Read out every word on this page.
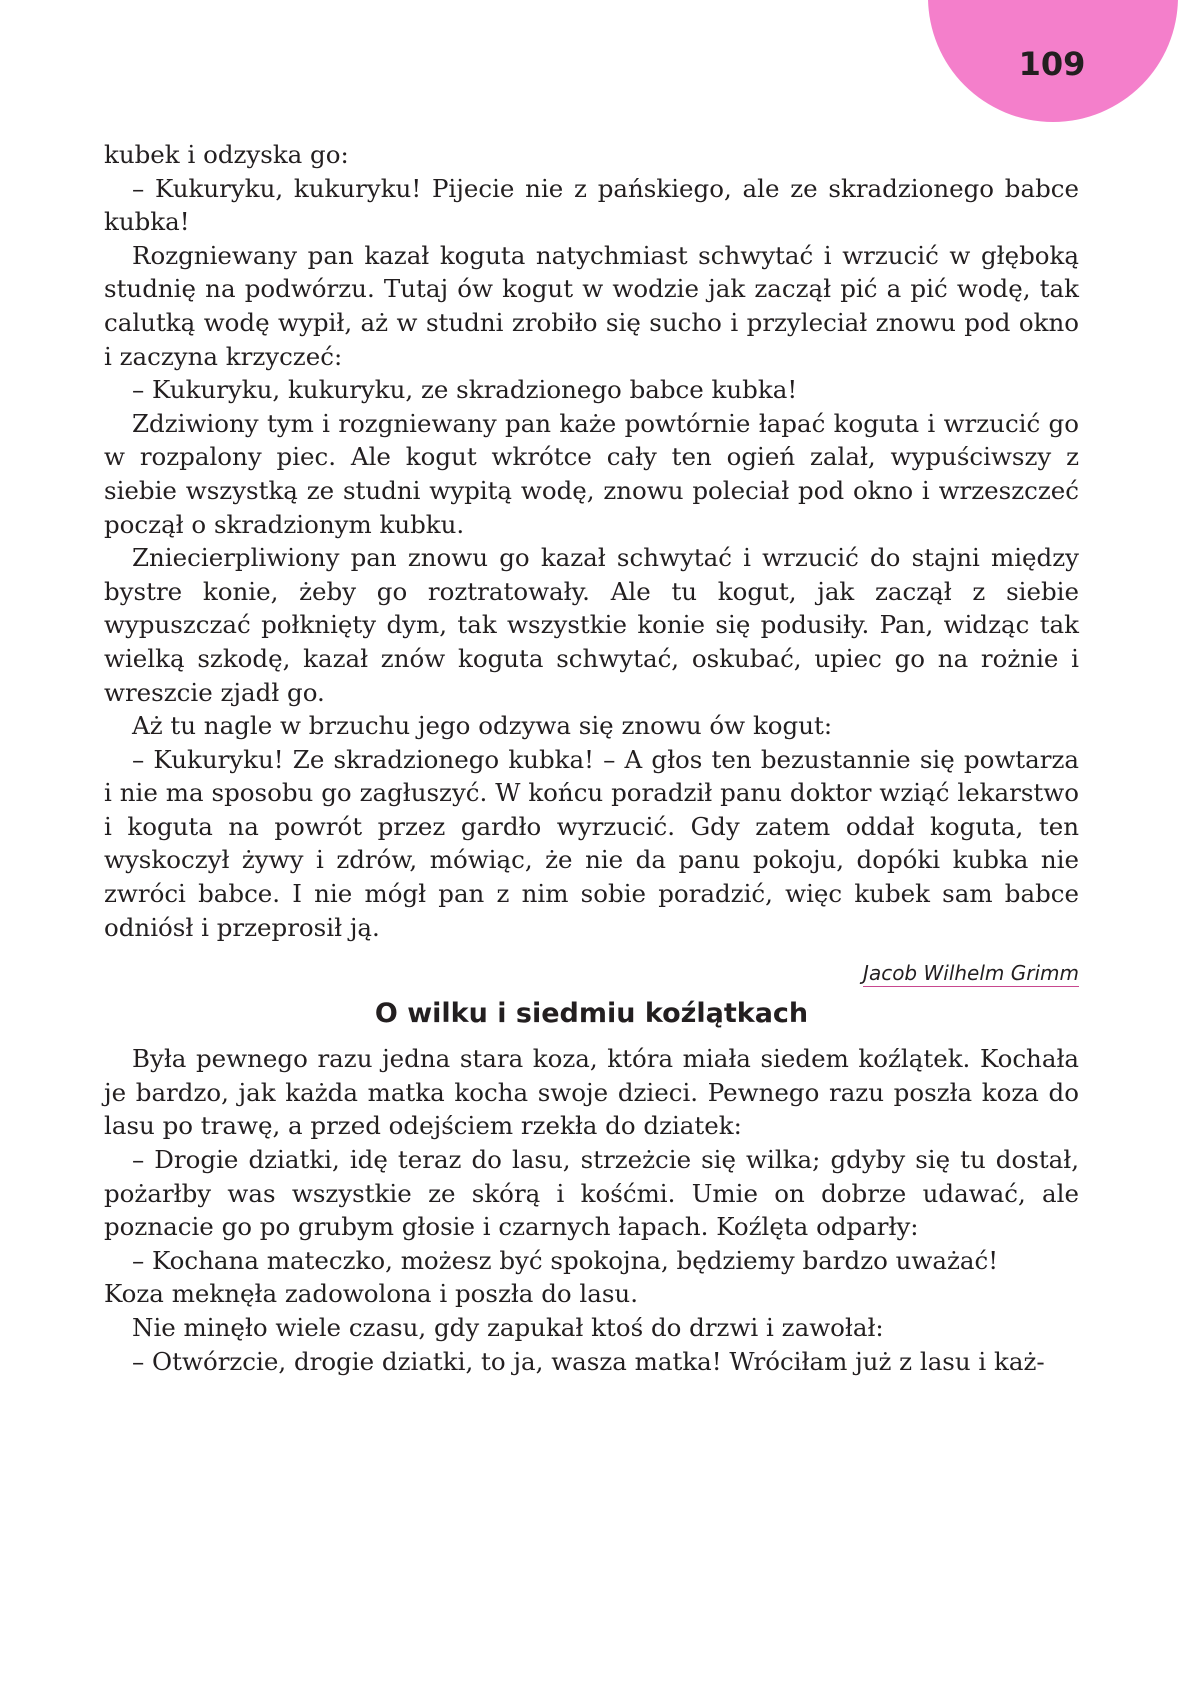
109

kubek i odzyska go:

– Kukuryku, kukuryku! Pijecie nie z pańskiego, ale ze skradzionego babce kubka!

Rozgniewany pan kazał koguta natychmiast schwytać i wrzucić w głęboką studnię na podwórzu. Tutaj ów kogut w wodzie jak zaczął pić a pić wodę, tak calutką wodę wypił, aż w studni zrobiło się sucho i przyleciał znowu pod okno i zaczyna krzyczeć:

– Kukuryku, kukuryku, ze skradzionego babce kubka!

Zdziwiony tym i rozgniewany pan każe powtórnie łapać koguta i wrzucić go w rozpalony piec. Ale kogut wkrótce cały ten ogień zalał, wypuściwszy z siebie wszystką ze studni wypitą wodę, znowu poleciał pod okno i wrzeszczeć począł o skradzionym kubku.

Zniecierpliwiony pan znowu go kazał schwytać i wrzucić do stajni między bystre konie, żeby go roztratowały. Ale tu kogut, jak zaczął z siebie wypuszczać połknięty dym, tak wszystkie konie się podusiły. Pan, widząc tak wielką szkodę, kazał znów koguta schwytać, oskubać, upiec go na rożnie i wreszcie zjadł go.

Aż tu nagle w brzuchu jego odzywa się znowu ów kogut:

– Kukuryku! Ze skradzionego kubka! – A głos ten bezustannie się powtarza i nie ma sposobu go zagłuszyć. W końcu poradził panu doktor wziąć lekarstwo i koguta na powrót przez gardło wyrzucić. Gdy zatem oddał koguta, ten wyskoczył żywy i zdrów, mówiąc, że nie da panu pokoju, dopóki kubka nie zwróci babce. I nie mógł pan z nim sobie poradzić, więc kubek sam babce odniósł i przeprosił ją.

Jacob Wilhelm Grimm
O wilku i siedmiu koźlątkach

Była pewnego razu jedna stara koza, która miała siedem koźlątek. Kochała je bardzo, jak każda matka kocha swoje dzieci. Pewnego razu poszła koza do lasu po trawę, a przed odejściem rzekła do dziatek:

– Drogie dziatki, idę teraz do lasu, strzeżcie się wilka; gdyby się tu dostał, pożarłby was wszystkie ze skórą i kośćmi. Umie on dobrze udawać, ale poznacie go po grubym głosie i czarnych łapach. Koźlęta odparły:

– Kochana mateczko, możesz być spokojna, będziemy bardzo uważać!

Koza meknęła zadowolona i poszła do lasu.

Nie minęło wiele czasu, gdy zapukał ktoś do drzwi i zawołał:

– Otwórzcie, drogie dziatki, to ja, wasza matka! Wróciłam już z lasu i każ-
